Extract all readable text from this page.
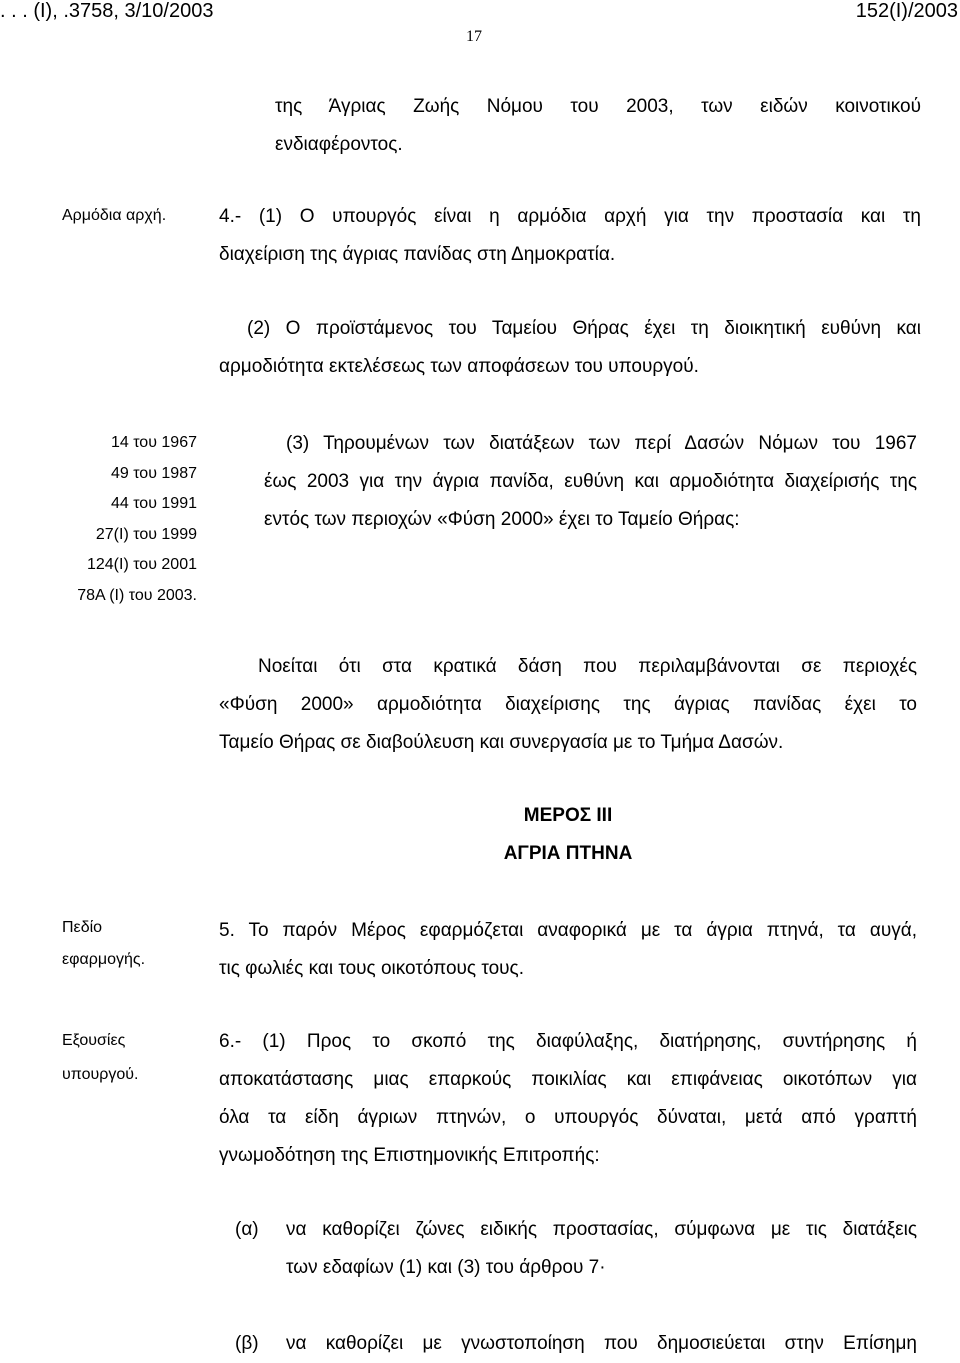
. . . (Ι), .3758, 3/10/2003	152(Ι)/2003
17
της Άγριας Ζωής Νόμου του 2003, των ειδών κοινοτικού
ενδιαφέροντος.
Αρμόδια αρχή.	4.- (1) Ο υπουργός είναι η αρμόδια αρχή για την προστασία και τη
διαχείριση της άγριας πανίδας στη Δημοκρατία.
(2) Ο προϊστάμενος του Ταμείου Θήρας έχει τη διοικητική ευθύνη και
αρμοδιότητα εκτελέσεως των αποφάσεων του υπουργού.
14 του 1967
49 του 1987
44 του 1991
27(Ι) του 1999
124(Ι) του 2001
78Α (Ι) του 2003.
(3) Τηρουμένων των διατάξεων των περί Δασών Νόμων του 1967
έως 2003 για την άγρια πανίδα, ευθύνη και αρμοδιότητα διαχείρισής της
εντός των περιοχών «Φύση 2000» έχει το Ταμείο Θήρας:
Νοείται ότι στα κρατικά δάση που περιλαμβάνονται σε περιοχές
«Φύση 2000» αρμοδιότητα διαχείρισης της άγριας πανίδας έχει το
Ταμείο Θήρας σε διαβούλευση και συνεργασία με το Τμήμα Δασών.
ΜΕΡΟΣ ΙΙΙ
ΑΓΡΙΑ ΠΤΗΝΑ
Πεδίο
εφαρμογής.
5. Το παρόν Μέρος εφαρμόζεται αναφορικά με τα άγρια πτηνά, τα αυγά,
τις φωλιές και τους οικοτόπους τους.
Εξουσίες
υπουργού.
6.- (1) Προς το σκοπό της διαφύλαξης, διατήρησης, συντήρησης ή
αποκατάστασης μιας επαρκούς ποικιλίας και επιφάνειας οικοτόπων για
όλα τα είδη άγριων πτηνών, ο υπουργός δύναται, μετά από γραπτή
γνωμοδότηση της Επιστημονικής Επιτροπής:
(α) να καθορίζει ζώνες ειδικής προστασίας, σύμφωνα με τις διατάξεις
των εδαφίων (1) και (3) του άρθρου 7·
(β) να καθορίζει με γνωστοποίηση που δημοσιεύεται στην Επίσημη
